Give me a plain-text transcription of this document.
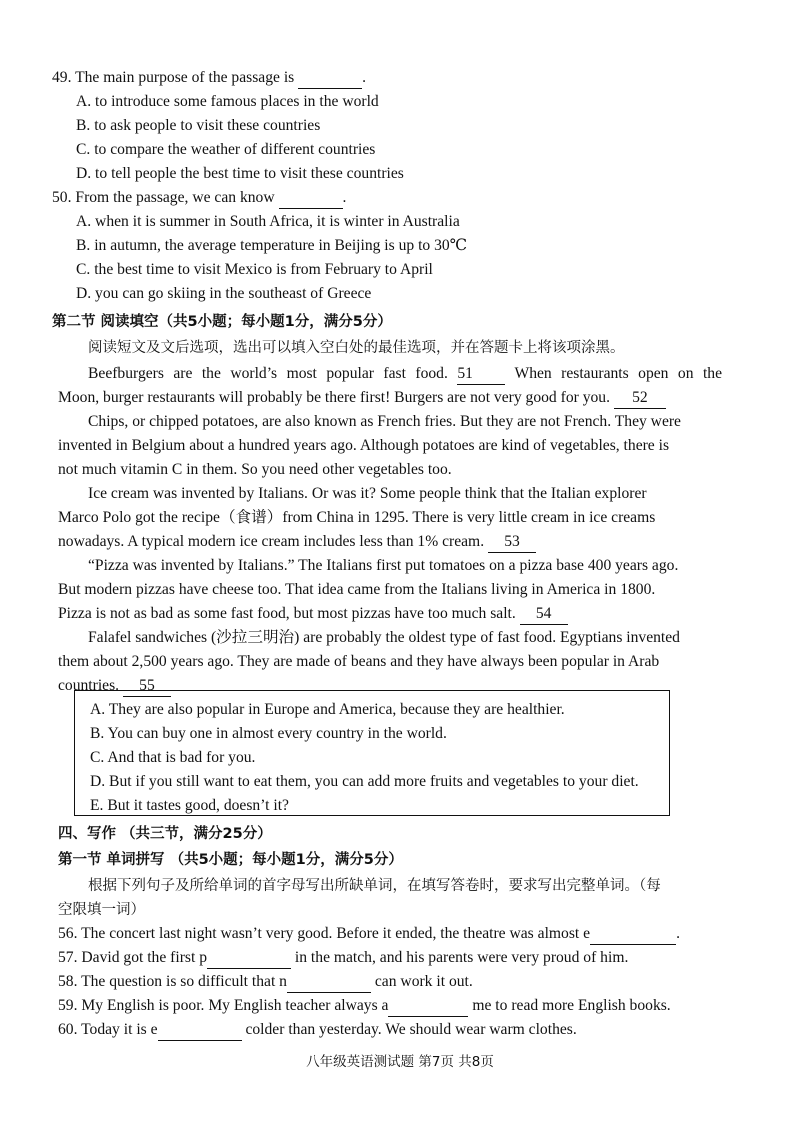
49. The main purpose of the passage is	.
A. to introduce some famous places in the world
B. to ask people to visit these countries
C. to compare the weather of different countries
D. to tell people the best time to visit these countries
50. From the passage, we can know	.
A. when it is summer in South Africa, it is winter in Australia
B. in autumn, the average temperature in Beijing is up to 30℃
C. the best time to visit Mexico is from February to April
D. you can go skiing in the southeast of Greece
第二节 阅读填空（共5小题；每小题1分，满分5分）
阅读短文及文后选项，选出可以填入空白处的最佳选项，并在答题卡上将该项涂黑。
Beefburgers are the world’s most popular fast food. 51	When restaurants open on the
Moon, burger restaurants will probably be there first! Burgers are not very good for you. 52
Chips, or chipped potatoes, are also known as French fries. But they are not French. They were
invented in Belgium about a hundred years ago. Although potatoes are kind of vegetables, there is
not much vitamin C in them. So you need other vegetables too.
Ice cream was invented by Italians. Or was it? Some people think that the Italian explorer
Marco Polo got the recipe（食谱）from China in 1295. There is very little cream in ice creams
nowadays. A typical modern ice cream includes less than 1% cream. 53
“Pizza was invented by Italians.” The Italians first put tomatoes on a pizza base 400 years ago.
But modern pizzas have cheese too. That idea came from the Italians living in America in 1800.
Pizza is not as bad as some fast food, but most pizzas have too much salt. 54
Falafel sandwiches (沙拉三明治) are probably the oldest type of fast food. Egyptians invented
them about 2,500 years ago. They are made of beans and they have always been popular in Arab
countries. 55
A. They are also popular in Europe and America, because they are healthier.
B. You can buy one in almost every country in the world.
C. And that is bad for you.
D. But if you still want to eat them, you can add more fruits and vegetables to your diet.
E. But it tastes good, doesn’t it?
四、写作 （共三节，满分25分）
第一节 单词拼写 （共5小题；每小题1分，满分5分）
根据下列句子及所给单词的首字母写出所缺单词，在填写答卷时，要求写出完整单词。（每
空限填一词）
56. The concert last night wasn’t very good. Before it ended, the theatre was almost e	.
57. David got the first p	in the match, and his parents were very proud of him.
58. The question is so difficult that n	can work it out.
59. My English is poor. My English teacher always a	me to read more English books.
60. Today it is e	colder than yesterday. We should wear warm clothes.
八年级英语测试题 第7页 共8页
